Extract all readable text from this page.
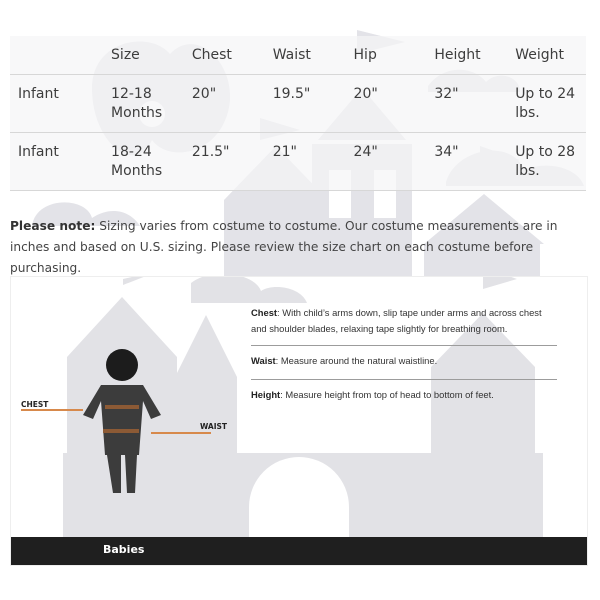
	Size	Chest	Waist	Hip	Height	Weight
Infant	12-18 Months	20"	19.5"	20"	32"	Up to 24 lbs.
Infant	18-24 Months	21.5"	21"	24"	34"	Up to 28 lbs.
Please note: Sizing varies from costume to costume. Our costume measurements are in inches and based on U.S. sizing. Please review the size chart on each costume before purchasing.
CHEST
WAIST
Chest: With child’s arms down, slip tape under arms and across chest and shoulder blades, relaxing tape slightly for breathing room.
Waist: Measure around the natural waistline.
Height: Measure height from top of head to bottom of feet.
Babies
